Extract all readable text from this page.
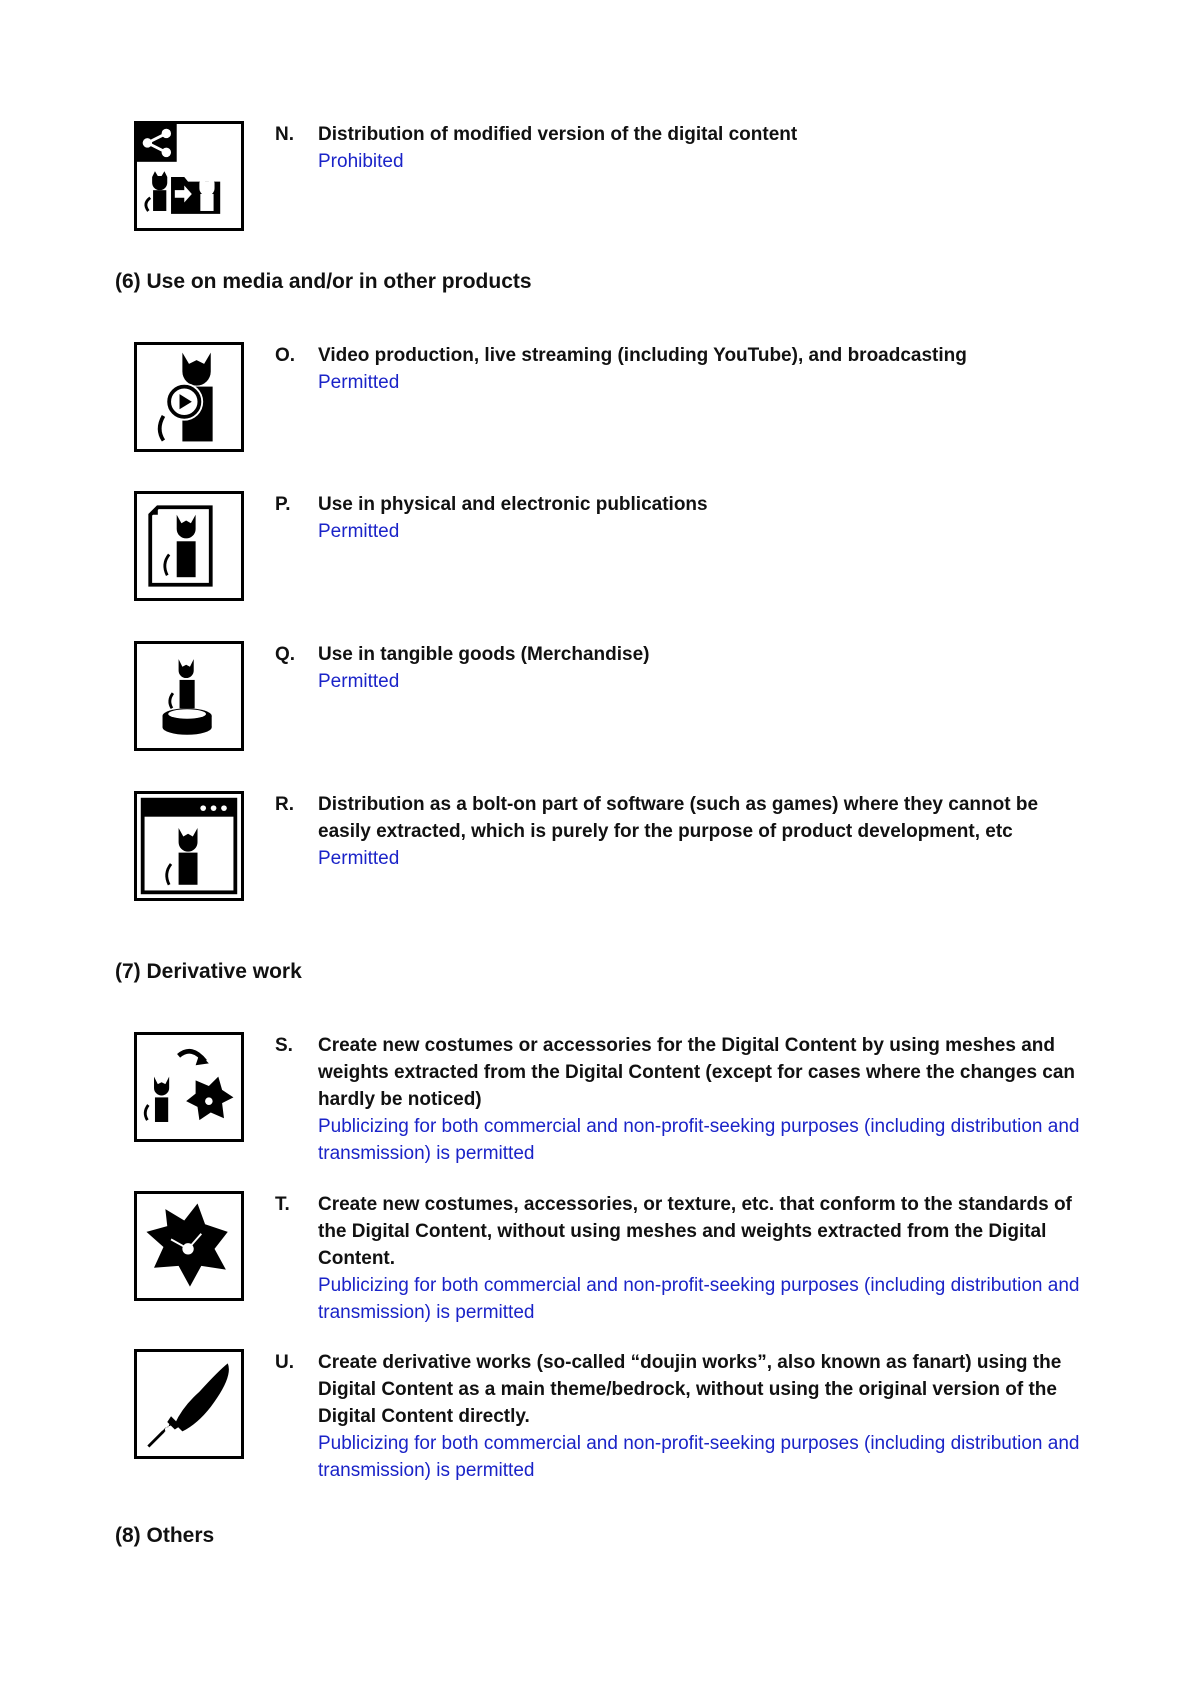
N. Distribution of modified version of the digital content
Prohibited
(6) Use on media and/or in other products
O. Video production, live streaming (including YouTube), and broadcasting
Permitted
P. Use in physical and electronic publications
Permitted
Q. Use in tangible goods (Merchandise)
Permitted
R. Distribution as a bolt-on part of software (such as games) where they cannot be easily extracted, which is purely for the purpose of product development, etc
Permitted
(7) Derivative work
S. Create new costumes or accessories for the Digital Content by using meshes and weights extracted from the Digital Content (except for cases where the changes can hardly be noticed)
Publicizing for both commercial and non-profit-seeking purposes (including distribution and transmission) is permitted
T. Create new costumes, accessories, or texture, etc. that conform to the standards of the Digital Content, without using meshes and weights extracted from the Digital Content.
Publicizing for both commercial and non-profit-seeking purposes (including distribution and transmission) is permitted
U. Create derivative works (so-called “doujin works”, also known as fanart) using the Digital Content as a main theme/bedrock, without using the original version of the Digital Content directly.
Publicizing for both commercial and non-profit-seeking purposes (including distribution and transmission) is permitted
(8) Others
